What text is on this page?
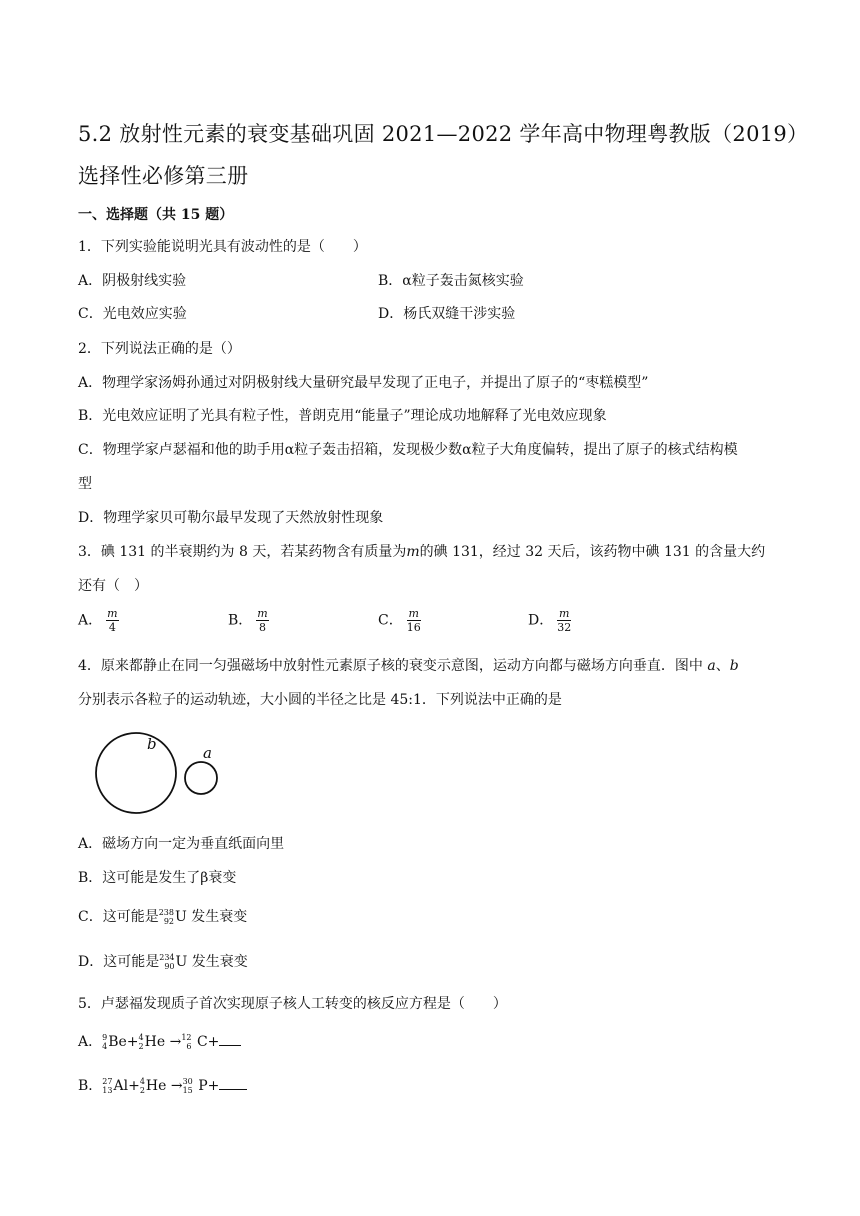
5.2 放射性元素的衰变基础巩固 2021—2022 学年高中物理粤教版（2019）
选择性必修第三册
一、选择题（共 15 题）
1．下列实验能说明光具有波动性的是（　　）
A．阴极射线实验	B．α粒子轰击氮核实验
C．光电效应实验	D．杨氏双缝干涉实验
2．下列说法正确的是（）
A．物理学家汤姆孙通过对阴极射线大量研究最早发现了正电子，并提出了原子的“枣糕模型”
B．光电效应证明了光具有粒子性，普朗克用“能量子”理论成功地解释了光电效应现象
C．物理学家卢瑟福和他的助手用α粒子轰击招箱，发现极少数α粒子大角度偏转，提出了原子的核式结构模
型
D．物理学家贝可勒尔最早发现了天然放射性现象
3．碘 131 的半衰期约为 8 天，若某药物含有质量为m的碘 131，经过 32 天后，该药物中碘 131 的含量大约
还有（　）
A． $\frac{m}{4}$	B． $\frac{m}{8}$	C． $\frac{m}{16}$	D． $\frac{m}{32}$
4．原来都静止在同一匀强磁场中放射性元素原子核的衰变示意图，运动方向都与磁场方向垂直．图中 a、b
分别表示各粒子的运动轨迹，大小圆的半径之比是 45:1．下列说法中正确的是
b	a
A．磁场方向一定为垂直纸面向里
B．这可能是发生了β衰变
C．这可能是 238
92 U 发生衰变
D．这可能是 234
90 U 发生衰变
5．卢瑟福发现质子首次实现原子核人工转变的核反应方程是（　　）
A． 9
4 Be+ 4
2 He → 12
6 C+
B． 27
13 Al+ 4
2 He → 30
15 P+
